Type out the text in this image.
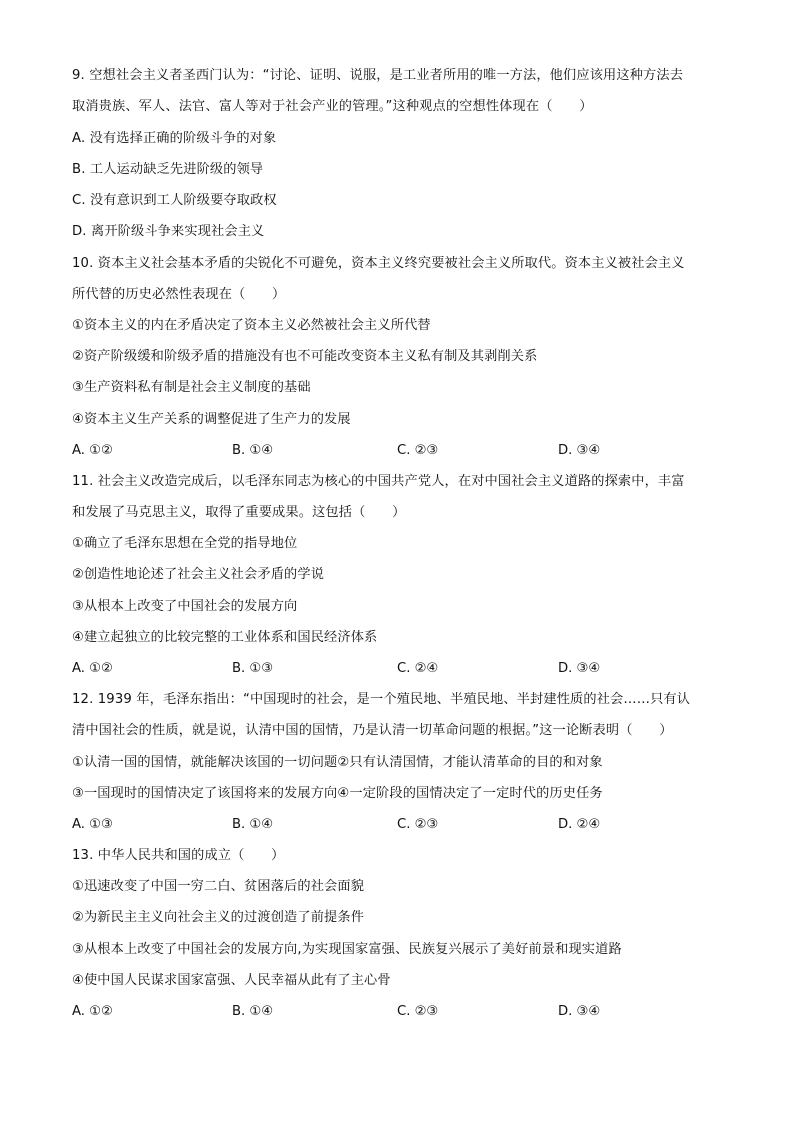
9. 空想社会主义者圣西门认为：“讨论、证明、说服，是工业者所用的唯一方法，他们应该用这种方法去
取消贵族、军人、法官、富人等对于社会产业的管理。”这种观点的空想性体现在（　　）
A. 没有选择正确的阶级斗争的对象
B. 工人运动缺乏先进阶级的领导
C. 没有意识到工人阶级要夺取政权
D. 离开阶级斗争来实现社会主义
10. 资本主义社会基本矛盾的尖锐化不可避免，资本主义终究要被社会主义所取代。资本主义被社会主义
所代替的历史必然性表现在（　　）
①资本主义的内在矛盾决定了资本主义必然被社会主义所代替
②资产阶级缓和阶级矛盾的措施没有也不可能改变资本主义私有制及其剥削关系
③生产资料私有制是社会主义制度的基础
④资本主义生产关系的调整促进了生产力的发展
A. ①②	B. ①④	C. ②③	D. ③④
11. 社会主义改造完成后，以毛泽东同志为核心的中国共产党人，在对中国社会主义道路的探索中，丰富
和发展了马克思主义，取得了重要成果。这包括（　　）
①确立了毛泽东思想在全党的指导地位
②创造性地论述了社会主义社会矛盾的学说
③从根本上改变了中国社会的发展方向
④建立起独立的比较完整的工业体系和国民经济体系
A. ①②	B. ①③	C. ②④	D. ③④
12. 1939 年，毛泽东指出：“中国现时的社会，是一个殖民地、半殖民地、半封建性质的社会……只有认
清中国社会的性质，就是说，认清中国的国情，乃是认清一切革命问题的根据。”这一论断表明（　　）
①认清一国的国情，就能解决该国的一切问题②只有认清国情，才能认清革命的目的和对象
③一国现时的国情决定了该国将来的发展方向④一定阶段的国情决定了一定时代的历史任务
A. ①③	B. ①④	C. ②③	D. ②④
13. 中华人民共和国的成立（　　）
①迅速改变了中国一穷二白、贫困落后的社会面貌
②为新民主主义向社会主义的过渡创造了前提条件
③从根本上改变了中国社会的发展方向,为实现国家富强、民族复兴展示了美好前景和现实道路
④使中国人民谋求国家富强、人民幸福从此有了主心骨
A. ①②	B. ①④	C. ②③	D. ③④
